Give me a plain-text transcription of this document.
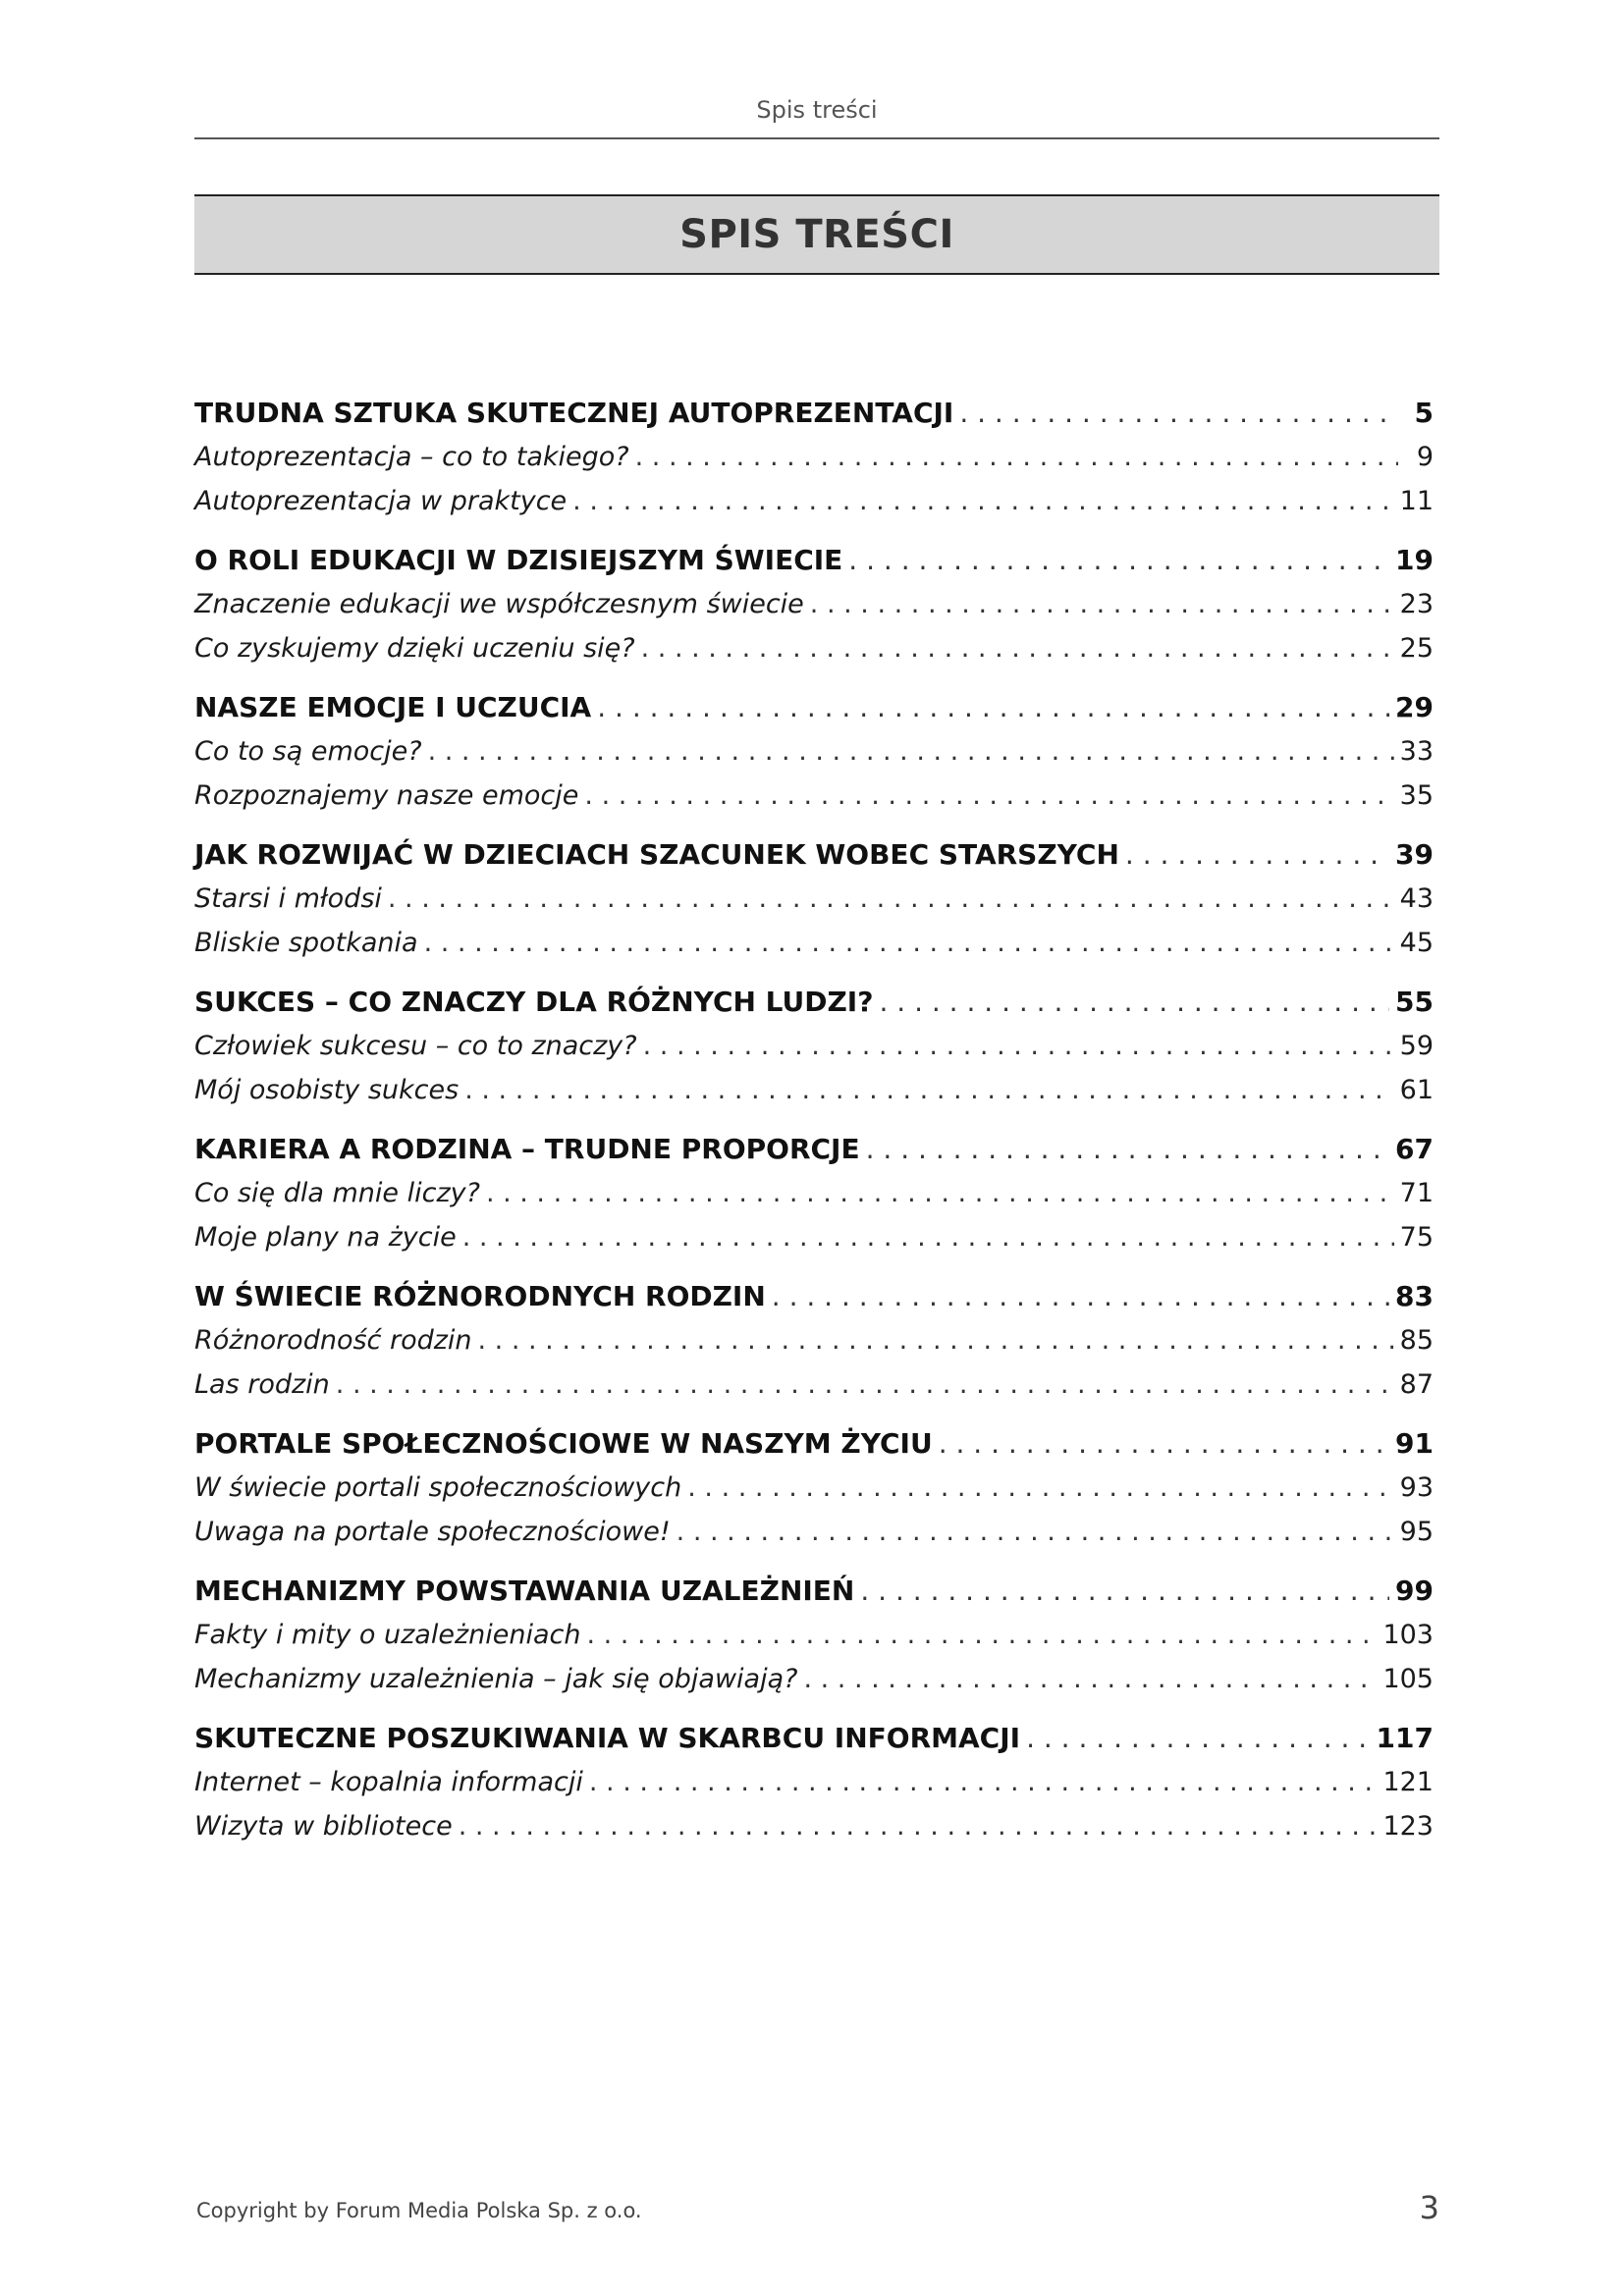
Spis treści
SPIS TREŚCI
TRUDNA SZTUKA SKUTECZNEJ AUTOPREZENTACJI . . .	5
Autoprezentacja – co to takiego? . . .	9
Autoprezentacja w praktyce . . .	11
O ROLI EDUKACJI W DZISIEJSZYM ŚWIECIE . . .	19
Znaczenie edukacji we współczesnym świecie . . .	23
Co zyskujemy dzięki uczeniu się? . . .	25
NASZE EMOCJE I UCZUCIA . . .	29
Co to są emocje? . . .	33
Rozpoznajemy nasze emocje . . .	35
JAK ROZWIJAĆ W DZIECIACH SZACUNEK WOBEC STARSZYCH . . .	39
Starsi i młodsi . . .	43
Bliskie spotkania . . .	45
SUKCES – CO ZNACZY DLA RÓŻNYCH LUDZI? . . .	55
Człowiek sukcesu – co to znaczy? . . .	59
Mój osobisty sukces . . .	61
KARIERA A RODZINA – TRUDNE PROPORCJE . . .	67
Co się dla mnie liczy? . . .	71
Moje plany na życie . . .	75
W ŚWIECIE RÓŻNORODNYCH RODZIN . . .	83
Różnorodność rodzin . . .	85
Las rodzin . . .	87
PORTALE SPOŁECZNOŚCIOWE W NASZYM ŻYCIU . . .	91
W świecie portali społecznościowych . . .	93
Uwaga na portale społecznościowe! . . .	95
MECHANIZMY POWSTAWANIA UZALEŻNIEŃ . . .	99
Fakty i mity o uzależnieniach . . .	103
Mechanizmy uzależnienia – jak się objawiają? . . .	105
SKUTECZNE POSZUKIWANIA W SKARBCU INFORMACJI . . .	117
Internet – kopalnia informacji . . .	121
Wizyta w bibliotece . . .	123
Copyright by Forum Media Polska Sp. z o.o.	3
